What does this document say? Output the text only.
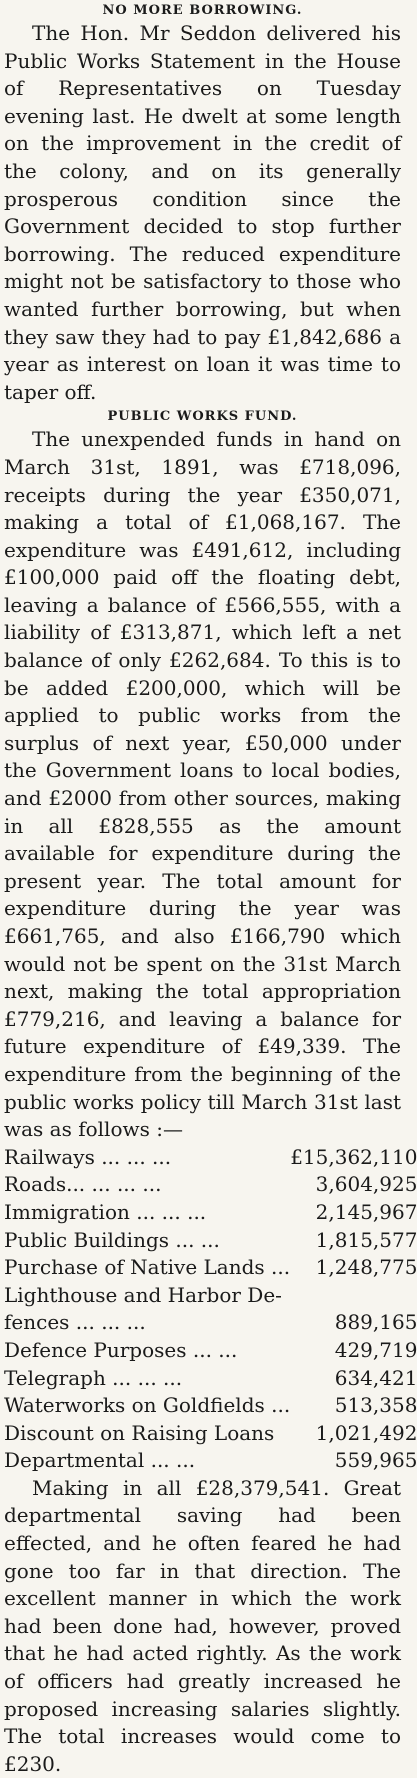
NO MORE BORROWING.

The Hon. Mr Seddon delivered his Public Works Statement in the House of Representatives on Tuesday evening last. He dwelt at some length on the improvement in the credit of the colony, and on its generally prosperous condition since the Government decided to stop further borrowing. The reduced expenditure might not be satisfactory to those who wanted further borrowing, but when they saw they had to pay £1,842,686 a year as interest on loan it was time to taper off.

PUBLIC WORKS FUND.

The unexpended funds in hand on March 31st, 1891, was £718,096, receipts during the year £350,071, making a total of £1,068,167. The expenditure was £491,612, including £100,000 paid off the floating debt, leaving a balance of £566,555, with a liability of £313,871, which left a net balance of only £262,684. To this is to be added £200,000, which will be applied to public works from the surplus of next year, £50,000 under the Government loans to local bodies, and £2000 from other sources, making in all £828,555 as the amount available for expenditure during the present year. The total amount for expenditure during the year was £661,765, and also £166,790 which would not be spent on the 31st March next, making the total appropriation £779,216, and leaving a balance for future expenditure of £49,339. The expenditure from the beginning of the public works policy till March 31st last was as follows :—

Railways ... ... ...	£15,362,110
Roads... ... ... ...	3,604,925
Immigration ... ... ...	2,145,967
Public Buildings ... ...	1,815,577
Purchase of Native Lands ...	1,248,775
Lighthouse and Harbor De-	
fences ... ... ...	889,165
Defence Purposes ... ...	429,719
Telegraph ... ... ...	634,421
Waterworks on Goldfields ...	513,358
Discount on Raising Loans	1,021,492
Departmental ... ...	559,965

Making in all £28,379,541. Great departmental saving had been effected, and he often feared he had gone too far in that direction. The excellent manner in which the work had been done had, however, proved that he had acted rightly. As the work of officers had greatly increased he proposed increasing salaries slightly. The total increases would come to £230.
